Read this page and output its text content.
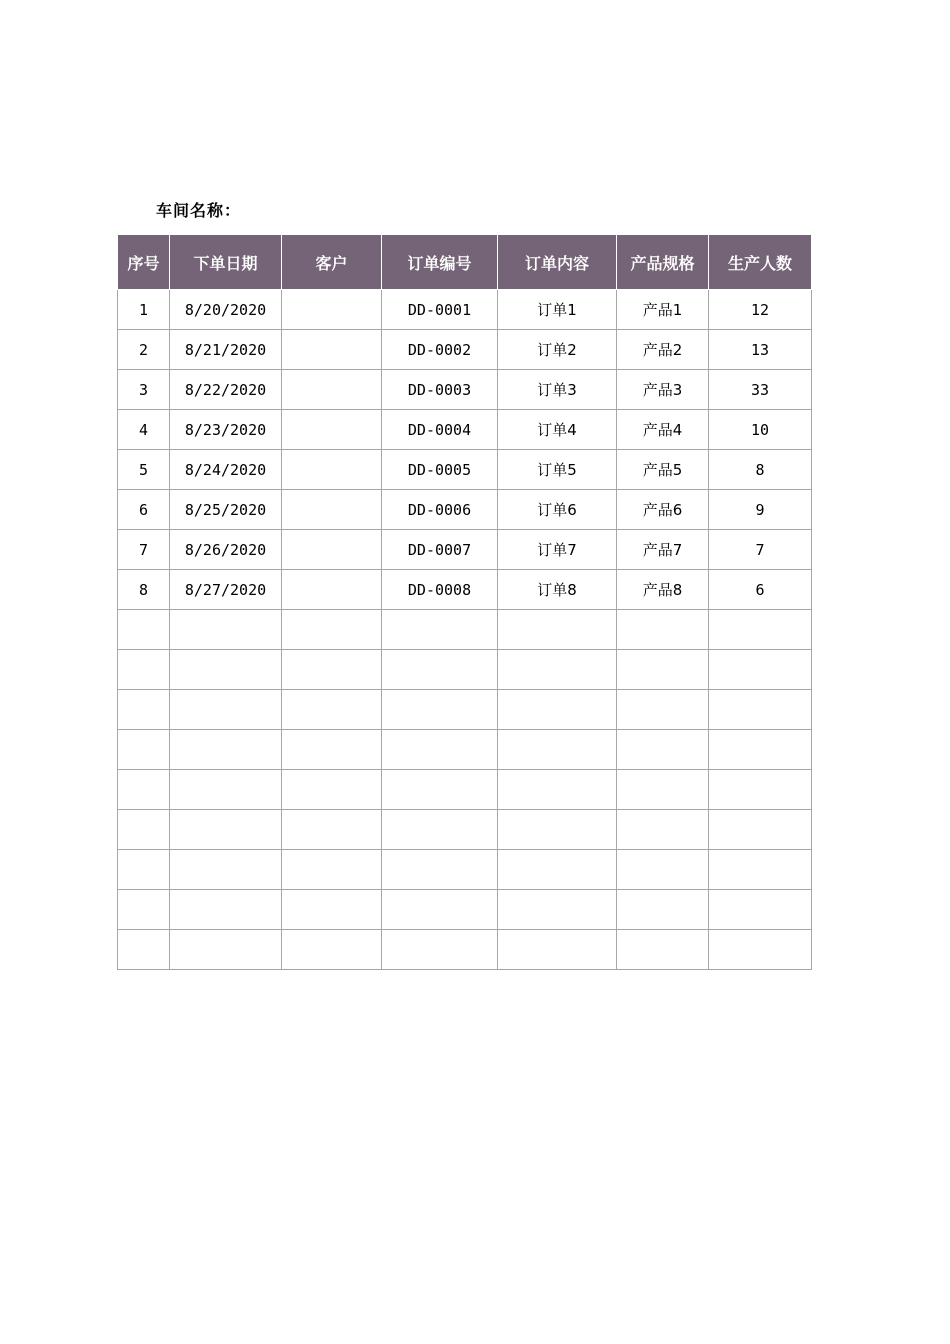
车间名称：
序号	下单日期	客户	订单编号	订单内容	产品规格	生产人数
1	8/20/2020		DD-0001	订单1	产品1	12
2	8/21/2020		DD-0002	订单2	产品2	13
3	8/22/2020		DD-0003	订单3	产品3	33
4	8/23/2020		DD-0004	订单4	产品4	10
5	8/24/2020		DD-0005	订单5	产品5	8
6	8/25/2020		DD-0006	订单6	产品6	9
7	8/26/2020		DD-0007	订单7	产品7	7
8	8/27/2020		DD-0008	订单8	产品8	6
